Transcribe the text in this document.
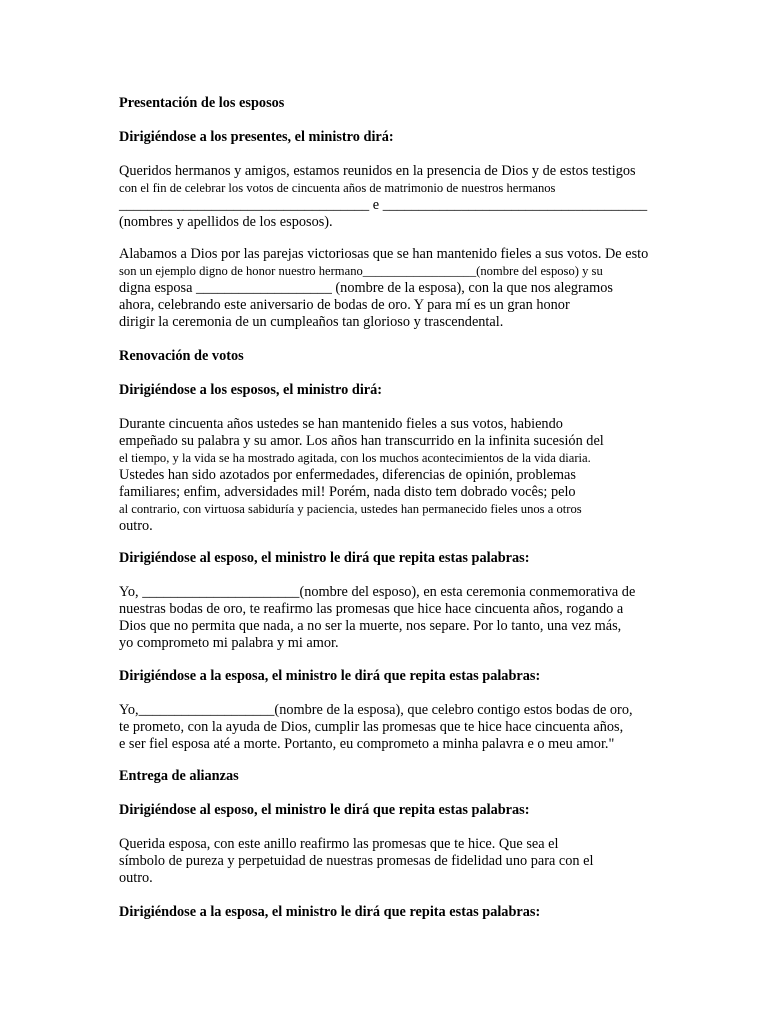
Presentación de los esposos
Dirigiéndose a los presentes, el ministro dirá:
Queridos hermanos y amigos, estamos reunidos en la presencia de Dios y de estos testigos
con el fin de celebrar los votos de cincuenta años de matrimonio de nuestros hermanos
___________________________________ e _____________________________________
(nombres y apellidos de los esposos).
Alabamos a Dios por las parejas victoriosas que se han mantenido fieles a sus votos. De esto
son un ejemplo digno de honor nuestro hermano__________________(nombre del esposo) y su
digna esposa ___________________ (nombre de la esposa), con la que nos alegramos
ahora, celebrando este aniversario de bodas de oro. Y para mí es un gran honor
dirigir la ceremonia de un cumpleaños tan glorioso y trascendental.
Renovación de votos
Dirigiéndose a los esposos, el ministro dirá:
Durante cincuenta años ustedes se han mantenido fieles a sus votos, habiendo
empeñado su palabra y su amor. Los años han transcurrido en la infinita sucesión del
el tiempo, y la vida se ha mostrado agitada, con los muchos acontecimientos de la vida diaria.
Ustedes han sido azotados por enfermedades, diferencias de opinión, problemas
familiares; enfim, adversidades mil! Porém, nada disto tem dobrado vocês; pelo
al contrario, con virtuosa sabiduría y paciencia, ustedes han permanecido fieles unos a otros
outro.
Dirigiéndose al esposo, el ministro le dirá que repita estas palabras:
Yo, ______________________(nombre del esposo), en esta ceremonia conmemorativa de
nuestras bodas de oro, te reafirmo las promesas que hice hace cincuenta años, rogando a
Dios que no permita que nada, a no ser la muerte, nos separe. Por lo tanto, una vez más,
yo comprometo mi palabra y mi amor.
Dirigiéndose a la esposa, el ministro le dirá que repita estas palabras:
Yo,___________________(nombre de la esposa), que celebro contigo estos bodas de oro,
te prometo, con la ayuda de Dios, cumplir las promesas que te hice hace cincuenta años,
e ser fiel esposa até a morte. Portanto, eu comprometo a minha palavra e o meu amor."
Entrega de alianzas
Dirigiéndose al esposo, el ministro le dirá que repita estas palabras:
Querida esposa, con este anillo reafirmo las promesas que te hice. Que sea el
símbolo de pureza y perpetuidad de nuestras promesas de fidelidad uno para con el
outro.
Dirigiéndose a la esposa, el ministro le dirá que repita estas palabras:
